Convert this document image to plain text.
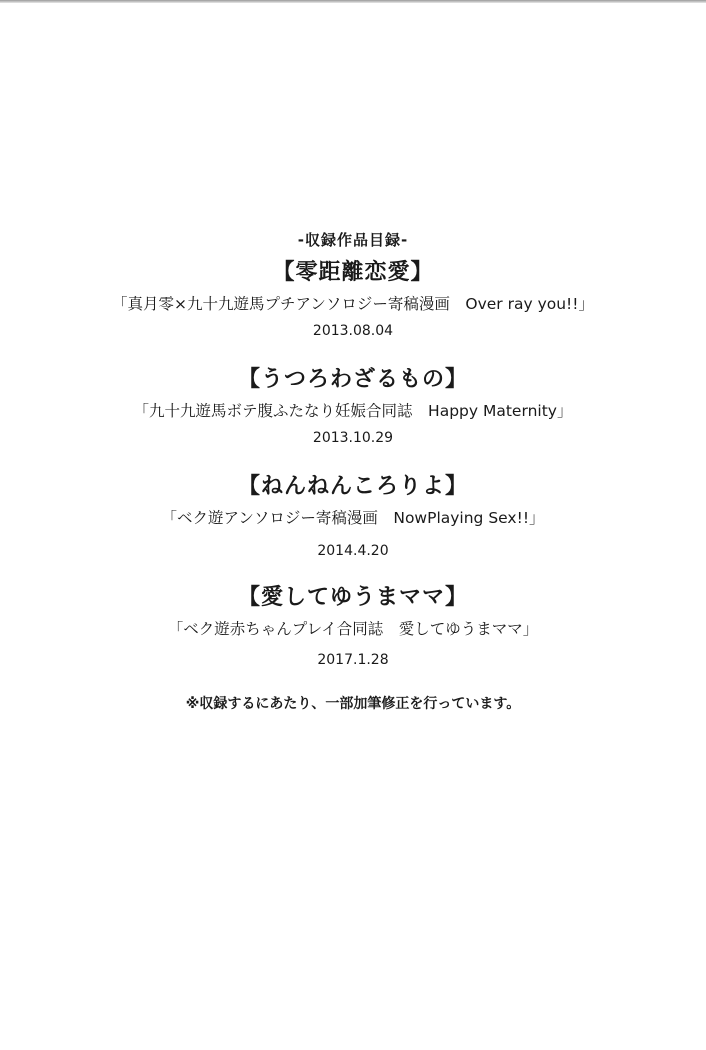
-収録作品目録-
【零距離恋愛】
「真月零×九十九遊馬プチアンソロジー寄稿漫画　Over ray you!!」
2013.08.04
【うつろわざるもの】
「九十九遊馬ボテ腹ふたなり妊娠合同誌　Happy Maternity」
2013.10.29
【ねんねんころりよ】
「ベク遊アンソロジー寄稿漫画　NowPlaying Sex!!」
2014.4.20
【愛してゆうまママ】
「ベク遊赤ちゃんプレイ合同誌　愛してゆうまママ」
2017.1.28
※収録するにあたり、一部加筆修正を行っています。
